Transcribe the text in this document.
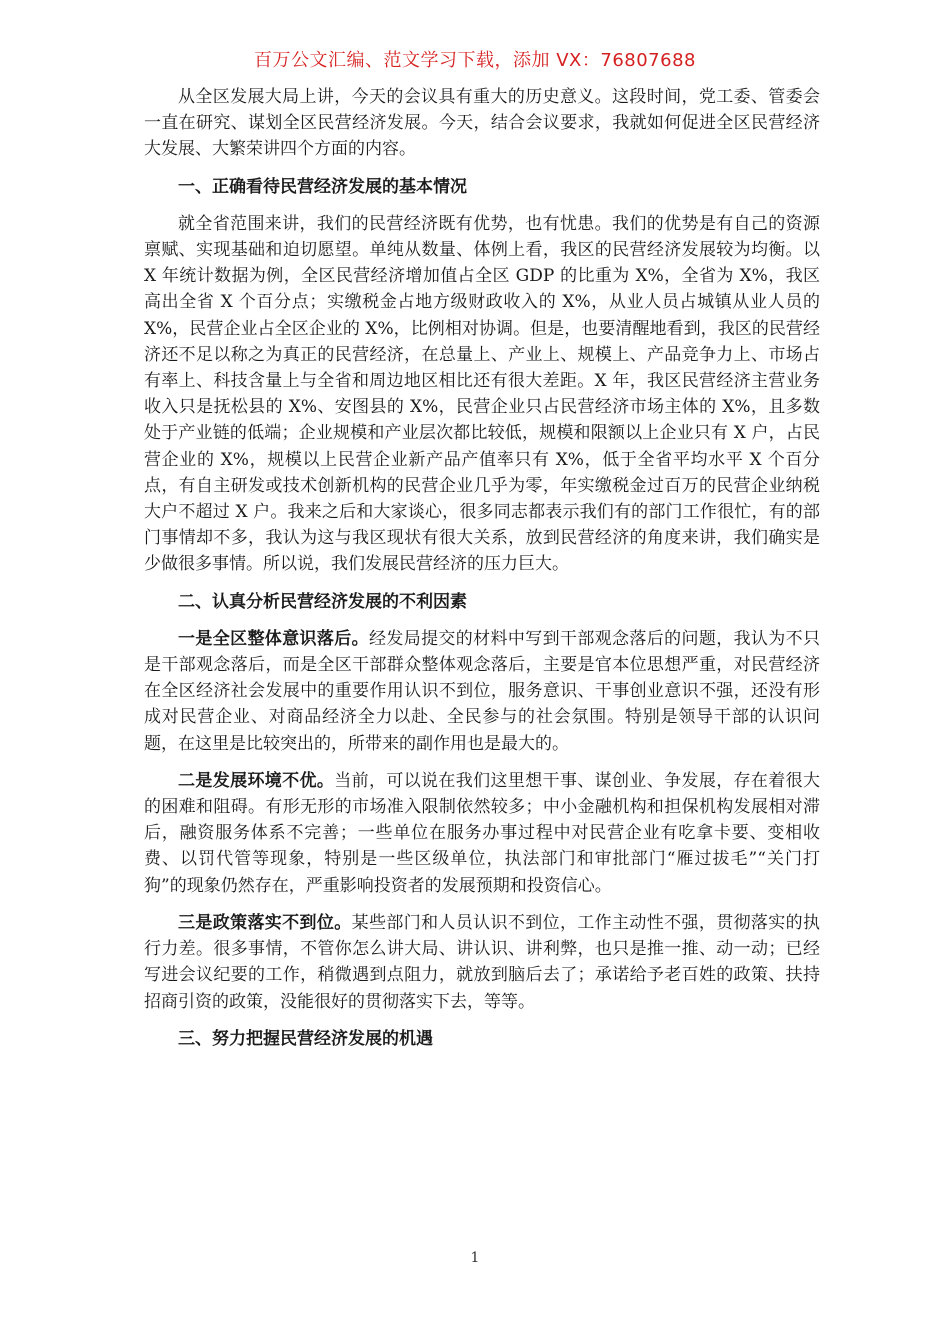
百万公文汇编、范文学习下载，添加 VX：76807688

从全区发展大局上讲，今天的会议具有重大的历史意义。这段时间，党工委、管委会一直在研究、谋划全区民营经济发展。今天，结合会议要求，我就如何促进全区民营经济大发展、大繁荣讲四个方面的内容。

一、正确看待民营经济发展的基本情况

就全省范围来讲，我们的民营经济既有优势，也有忧患。我们的优势是有自己的资源禀赋、实现基础和迫切愿望。单纯从数量、体例上看，我区的民营经济发展较为均衡。以 X 年统计数据为例，全区民营经济增加值占全区 GDP 的比重为 X%，全省为 X%，我区高出全省 X 个百分点；实缴税金占地方级财政收入的 X%，从业人员占城镇从业人员的 X%，民营企业占全区企业的 X%，比例相对协调。但是，也要清醒地看到，我区的民营经济还不足以称之为真正的民营经济，在总量上、产业上、规模上、产品竞争力上、市场占有率上、科技含量上与全省和周边地区相比还有很大差距。X 年，我区民营经济主营业务收入只是抚松县的 X%、安图县的 X%，民营企业只占民营经济市场主体的 X%，且多数处于产业链的低端；企业规模和产业层次都比较低，规模和限额以上企业只有 X 户，占民营企业的 X%，规模以上民营企业新产品产值率只有 X%，低于全省平均水平 X 个百分点，有自主研发或技术创新机构的民营企业几乎为零，年实缴税金过百万的民营企业纳税大户不超过 X 户。我来之后和大家谈心，很多同志都表示我们有的部门工作很忙，有的部门事情却不多，我认为这与我区现状有很大关系，放到民营经济的角度来讲，我们确实是少做很多事情。所以说，我们发展民营经济的压力巨大。

二、认真分析民营经济发展的不利因素

一是全区整体意识落后。经发局提交的材料中写到干部观念落后的问题，我认为不只是干部观念落后，而是全区干部群众整体观念落后，主要是官本位思想严重，对民营经济在全区经济社会发展中的重要作用认识不到位，服务意识、干事创业意识不强，还没有形成对民营企业、对商品经济全力以赴、全民参与的社会氛围。特别是领导干部的认识问题，在这里是比较突出的，所带来的副作用也是最大的。

二是发展环境不优。当前，可以说在我们这里想干事、谋创业、争发展，存在着很大的困难和阻碍。有形无形的市场准入限制依然较多；中小金融机构和担保机构发展相对滞后，融资服务体系不完善；一些单位在服务办事过程中对民营企业有吃拿卡要、变相收费、以罚代管等现象，特别是一些区级单位，执法部门和审批部门“雁过拔毛”“关门打狗”的现象仍然存在，严重影响投资者的发展预期和投资信心。

三是政策落实不到位。某些部门和人员认识不到位，工作主动性不强，贯彻落实的执行力差。很多事情，不管你怎么讲大局、讲认识、讲利弊，也只是推一推、动一动；已经写进会议纪要的工作，稍微遇到点阻力，就放到脑后去了；承诺给予老百姓的政策、扶持招商引资的政策，没能很好的贯彻落实下去，等等。

三、努力把握民营经济发展的机遇

1
